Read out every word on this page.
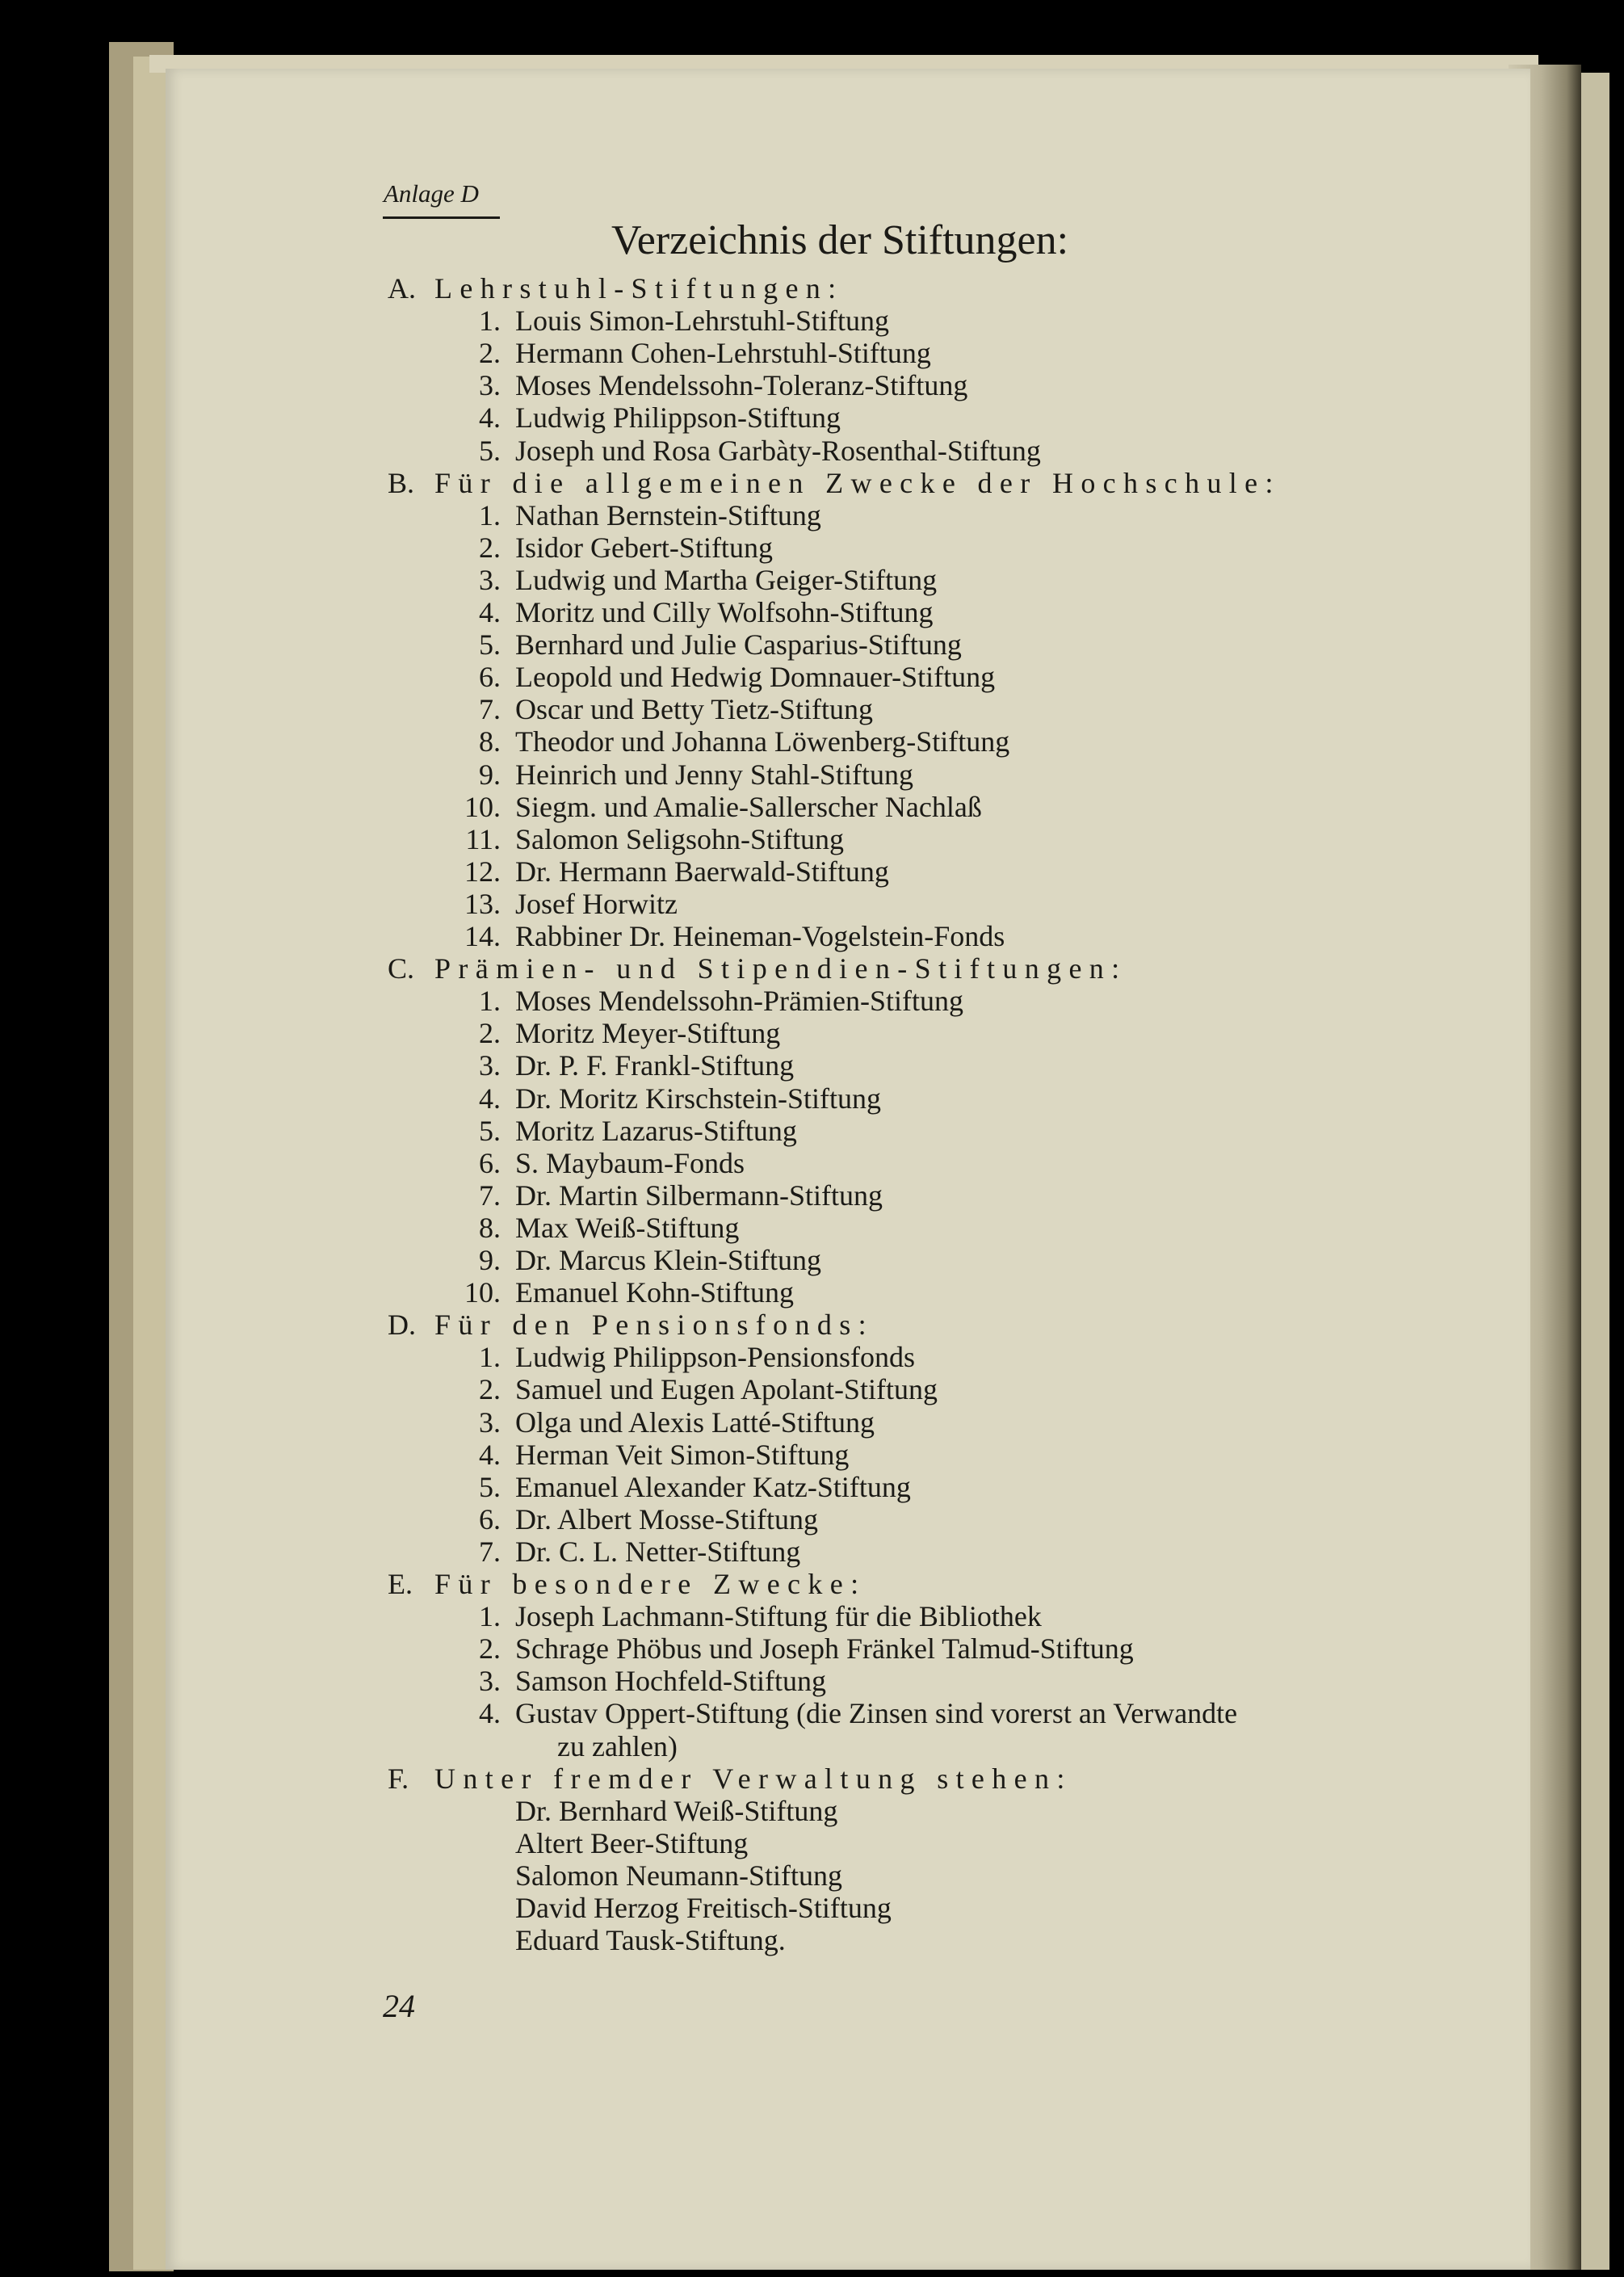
Anlage D
Verzeichnis der Stiftungen:
A. Lehrstuhl-Stiftungen:
1. Louis Simon-Lehrstuhl-Stiftung
2. Hermann Cohen-Lehrstuhl-Stiftung
3. Moses Mendelssohn-Toleranz-Stiftung
4. Ludwig Philippson-Stiftung
5. Joseph und Rosa Garbàty-Rosenthal-Stiftung
B. Für die allgemeinen Zwecke der Hochschule:
1. Nathan Bernstein-Stiftung
2. Isidor Gebert-Stiftung
3. Ludwig und Martha Geiger-Stiftung
4. Moritz und Cilly Wolfsohn-Stiftung
5. Bernhard und Julie Casparius-Stiftung
6. Leopold und Hedwig Domnauer-Stiftung
7. Oscar und Betty Tietz-Stiftung
8. Theodor und Johanna Löwenberg-Stiftung
9. Heinrich und Jenny Stahl-Stiftung
10. Siegm. und Amalie-Sallerscher Nachlaß
11. Salomon Seligsohn-Stiftung
12. Dr. Hermann Baerwald-Stiftung
13. Josef Horwitz
14. Rabbiner Dr. Heineman-Vogelstein-Fonds
C. Prämien- und Stipendien-Stiftungen:
1. Moses Mendelssohn-Prämien-Stiftung
2. Moritz Meyer-Stiftung
3. Dr. P. F. Frankl-Stiftung
4. Dr. Moritz Kirschstein-Stiftung
5. Moritz Lazarus-Stiftung
6. S. Maybaum-Fonds
7. Dr. Martin Silbermann-Stiftung
8. Max Weiß-Stiftung
9. Dr. Marcus Klein-Stiftung
10. Emanuel Kohn-Stiftung
D. Für den Pensionsfonds:
1. Ludwig Philippson-Pensionsfonds
2. Samuel und Eugen Apolant-Stiftung
3. Olga und Alexis Latté-Stiftung
4. Herman Veit Simon-Stiftung
5. Emanuel Alexander Katz-Stiftung
6. Dr. Albert Mosse-Stiftung
7. Dr. C. L. Netter-Stiftung
E. Für besondere Zwecke:
1. Joseph Lachmann-Stiftung für die Bibliothek
2. Schrage Phöbus und Joseph Fränkel Talmud-Stiftung
3. Samson Hochfeld-Stiftung
4. Gustav Oppert-Stiftung (die Zinsen sind vorerst an Verwandte
zu zahlen)
F. Unter fremder Verwaltung stehen:
Dr. Bernhard Weiß-Stiftung
Altert Beer-Stiftung
Salomon Neumann-Stiftung
David Herzog Freitisch-Stiftung
Eduard Tausk-Stiftung.
24
